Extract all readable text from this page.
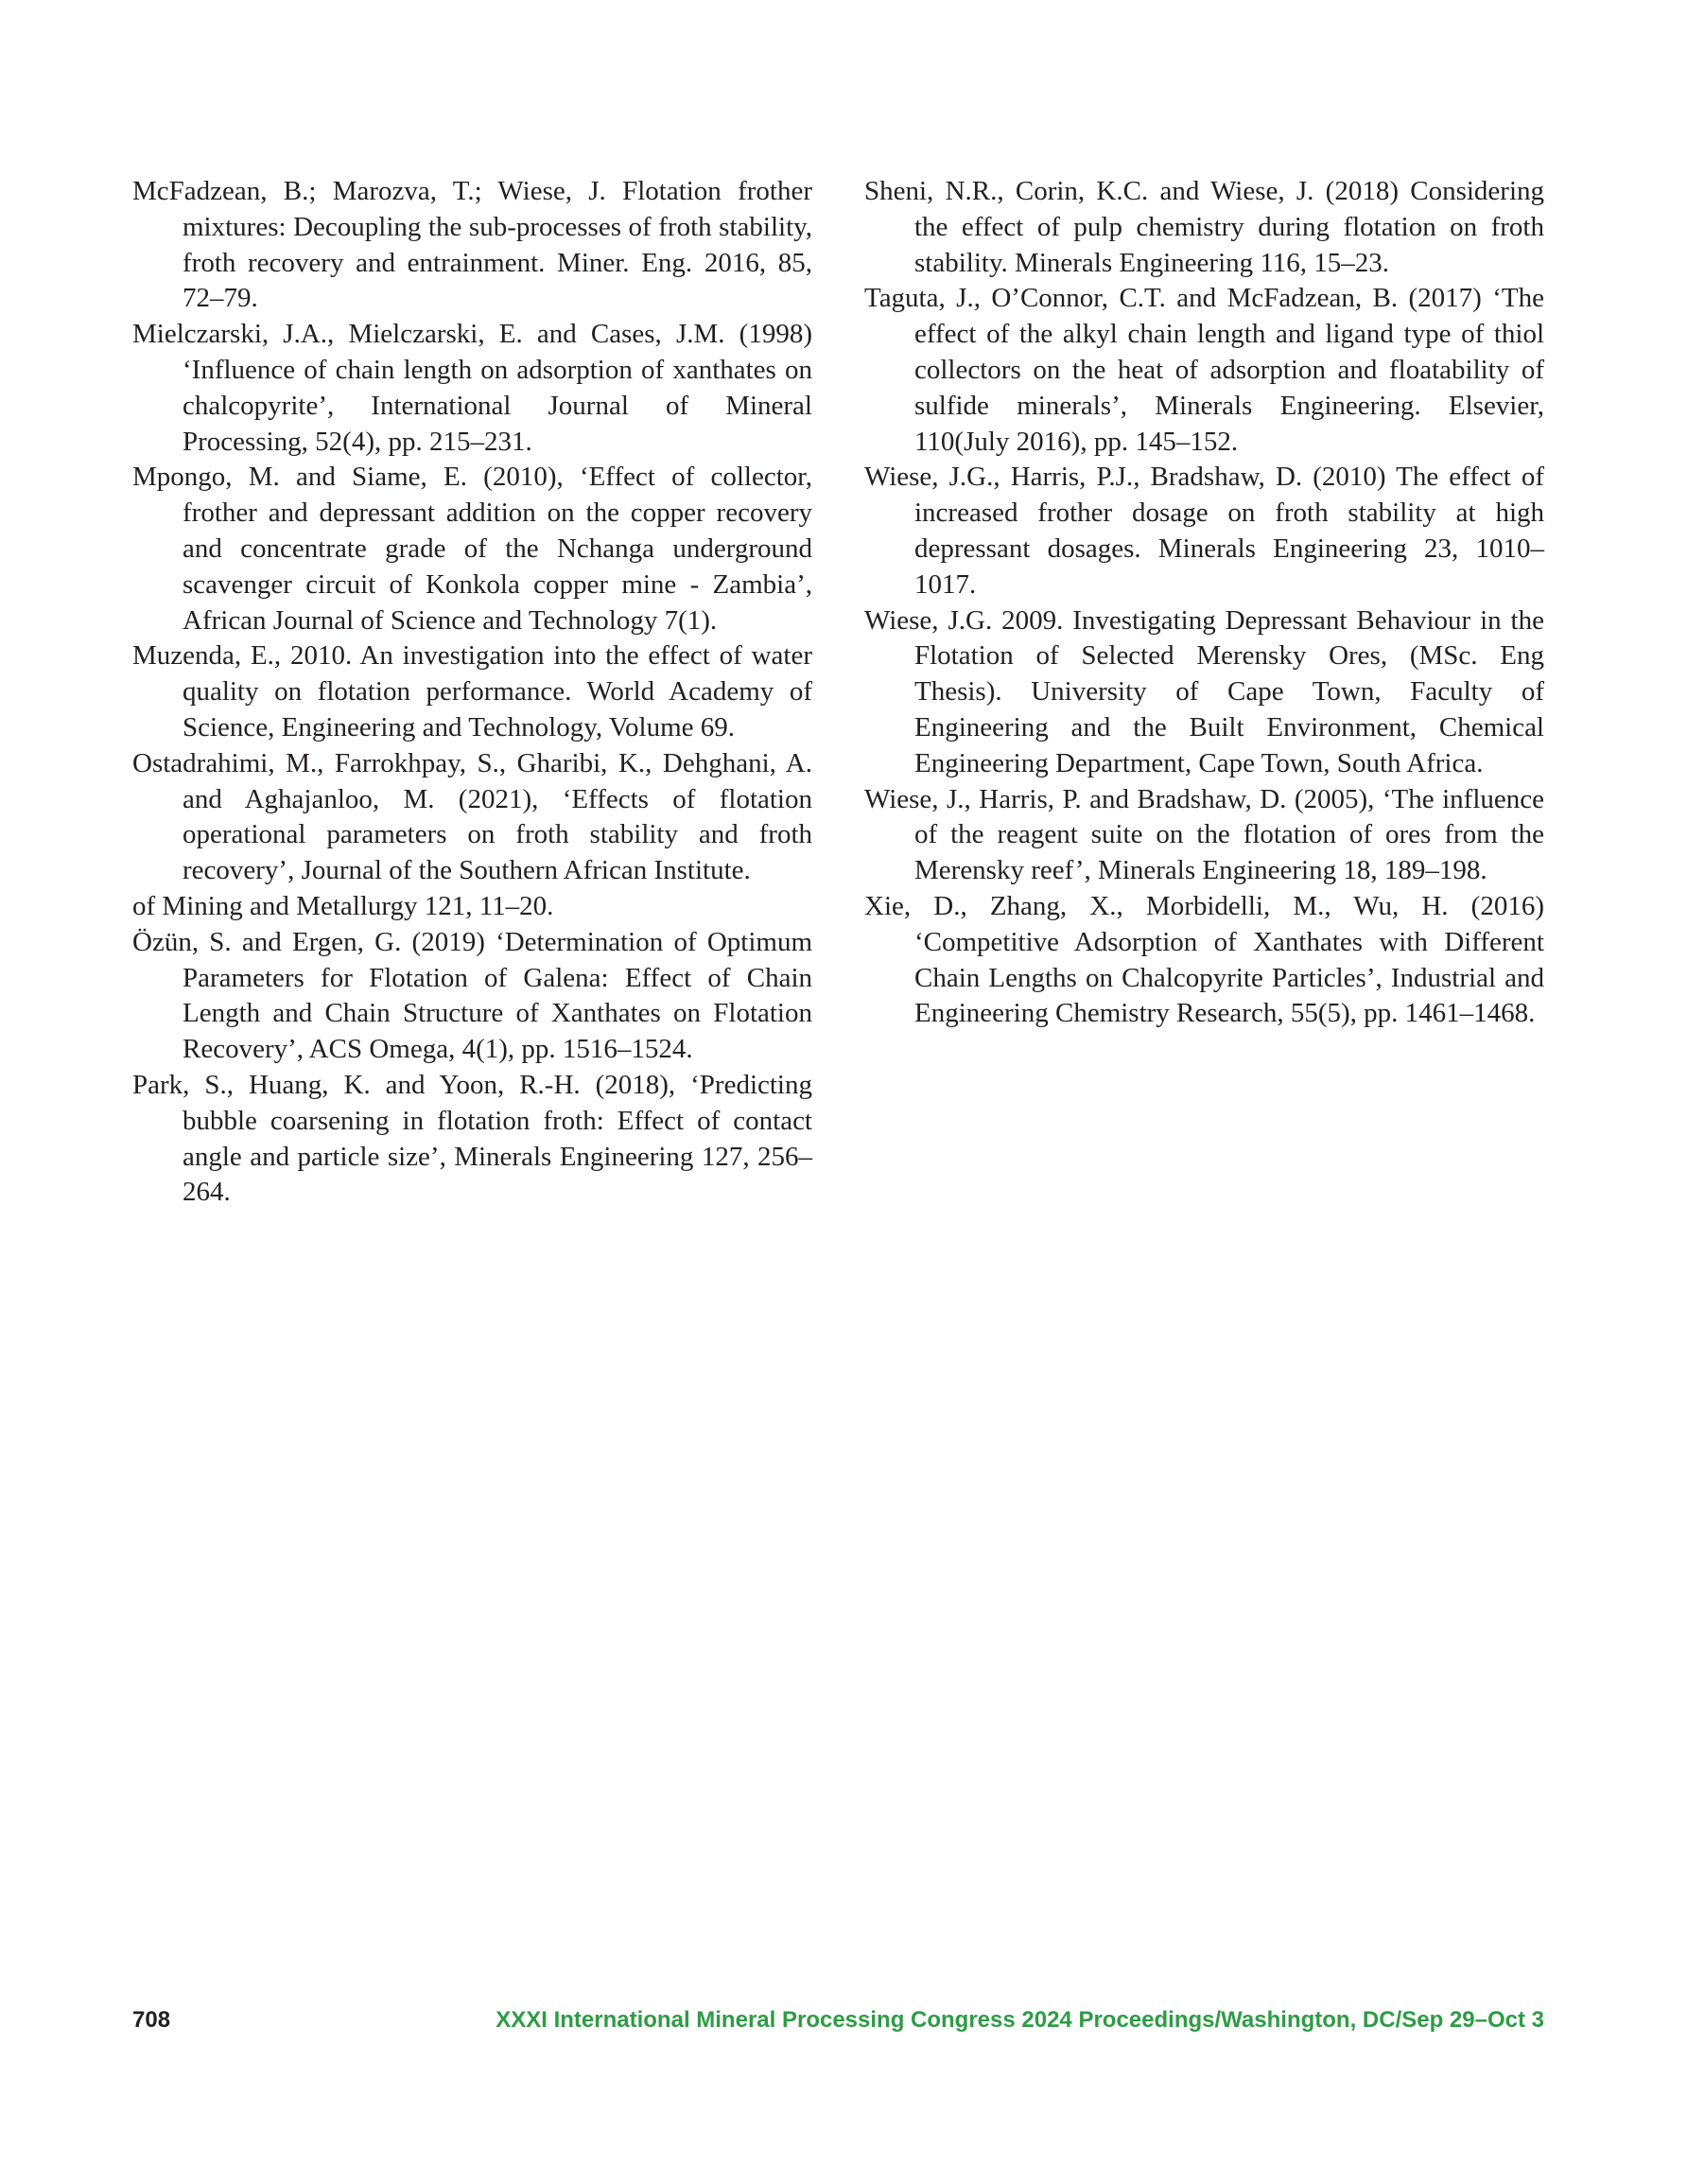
McFadzean, B.; Marozva, T.; Wiese, J. Flotation frother mixtures: Decoupling the sub-processes of froth stability, froth recovery and entrainment. Miner. Eng. 2016, 85, 72–79.

Mielczarski, J.A., Mielczarski, E. and Cases, J.M. (1998) ‘Influence of chain length on adsorption of xanthates on chalcopyrite’, International Journal of Mineral Processing, 52(4), pp. 215–231.

Mpongo, M. and Siame, E. (2010), ‘Effect of collector, frother and depressant addition on the copper recovery and concentrate grade of the Nchanga underground scavenger circuit of Konkola copper mine - Zambia’, African Journal of Science and Technology 7(1).

Muzenda, E., 2010. An investigation into the effect of water quality on flotation performance. World Academy of Science, Engineering and Technology, Volume 69.

Ostadrahimi, M., Farrokhpay, S., Gharibi, K., Dehghani, A. and Aghajanloo, M. (2021), ‘Effects of flotation operational parameters on froth stability and froth recovery’, Journal of the Southern African Institute.

of Mining and Metallurgy 121, 11–20.

Özün, S. and Ergen, G. (2019) ‘Determination of Optimum Parameters for Flotation of Galena: Effect of Chain Length and Chain Structure of Xanthates on Flotation Recovery’, ACS Omega, 4(1), pp. 1516–1524.

Park, S., Huang, K. and Yoon, R.-H. (2018), ‘Predicting bubble coarsening in flotation froth: Effect of contact angle and particle size’, Minerals Engineering 127, 256–264.

Sheni, N.R., Corin, K.C. and Wiese, J. (2018) Considering the effect of pulp chemistry during flotation on froth stability. Minerals Engineering 116, 15–23.

Taguta, J., O’Connor, C.T. and McFadzean, B. (2017) ‘The effect of the alkyl chain length and ligand type of thiol collectors on the heat of adsorption and floatability of sulfide minerals’, Minerals Engineering. Elsevier, 110(July 2016), pp. 145–152.

Wiese, J.G., Harris, P.J., Bradshaw, D. (2010) The effect of increased frother dosage on froth stability at high depressant dosages. Minerals Engineering 23, 1010–1017.

Wiese, J.G. 2009. Investigating Depressant Behaviour in the Flotation of Selected Merensky Ores, (MSc. Eng Thesis). University of Cape Town, Faculty of Engineering and the Built Environment, Chemical Engineering Department, Cape Town, South Africa.

Wiese, J., Harris, P. and Bradshaw, D. (2005), ‘The influence of the reagent suite on the flotation of ores from the Merensky reef’, Minerals Engineering 18, 189–198.

Xie, D., Zhang, X., Morbidelli, M., Wu, H. (2016) ‘Competitive Adsorption of Xanthates with Different Chain Lengths on Chalcopyrite Particles’, Industrial and Engineering Chemistry Research, 55(5), pp. 1461–1468.

708	XXXI International Mineral Processing Congress 2024 Proceedings/Washington, DC/Sep 29–Oct 3
